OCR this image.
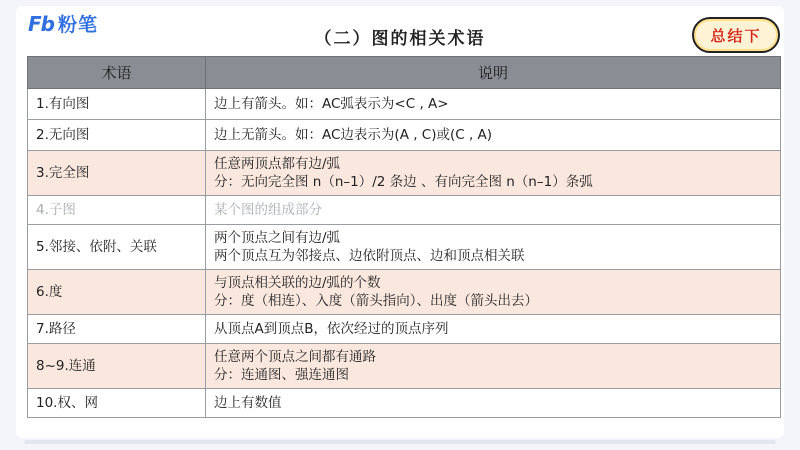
Fb 粉笔
（二）图的相关术语	总结下
术语	说明
1.有向图	边上有箭头。如：AC弧表示为<C , A>

2.无向图	边上无箭头。如：AC边表示为(A , C)或(C , A)

3.完全图	任意两顶点都有边/弧
分：无向完全图 n（n–1）/2 条边 、有向完全图 n（n–1）条弧

4.子图	某个图的组成部分

5.邻接、依附、关联	两个顶点之间有边/弧
两个顶点互为邻接点、边依附顶点、边和顶点相关联

6.度	与顶点相关联的边/弧的个数
分：度（相连）、入度（箭头指向）、出度（箭头出去）

7.路径	从顶点A到顶点B，依次经过的顶点序列

8~9.连通	任意两个顶点之间都有通路
分：连通图、强连通图

10.权、网	边上有数值
